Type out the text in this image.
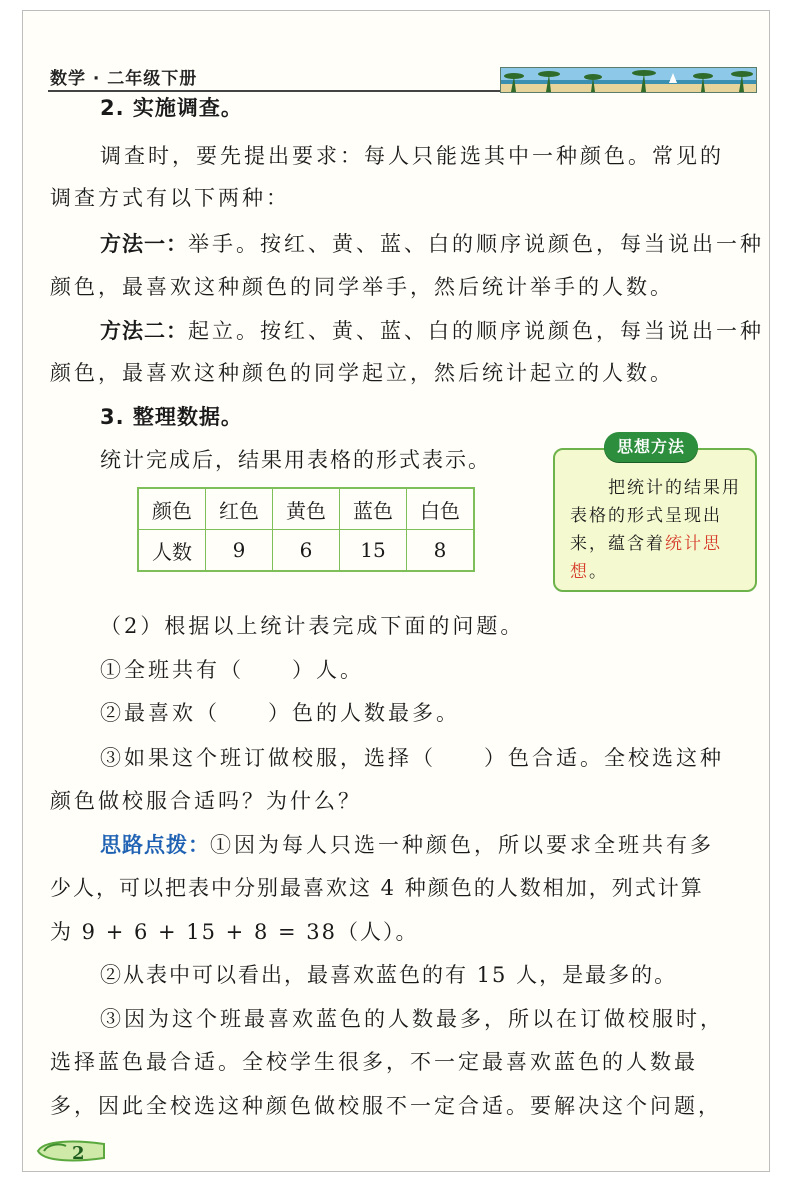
数学 · 二年级下册
2. 实施调查。
调查时，要先提出要求：每人只能选其中一种颜色。常见的
调查方式有以下两种：
方法一：举手。按红、黄、蓝、白的顺序说颜色，每当说出一种
颜色，最喜欢这种颜色的同学举手，然后统计举手的人数。
方法二：起立。按红、黄、蓝、白的顺序说颜色，每当说出一种
颜色，最喜欢这种颜色的同学起立，然后统计起立的人数。
3. 整理数据。
统计完成后，结果用表格的形式表示。
颜色	红色	黄色	蓝色	白色
人数	9	6	15	8
思想方法
　　把统计的结果用表格的形式呈现出来，蕴含着统计思想。
（2）根据以上统计表完成下面的问题。
①全班共有（　　）人。
②最喜欢（　　）色的人数最多。
③如果这个班订做校服，选择（　　）色合适。全校选这种
颜色做校服合适吗？为什么？
思路点拨：①因为每人只选一种颜色，所以要求全班共有多
少人，可以把表中分别最喜欢这 4 种颜色的人数相加，列式计算
为 9 + 6 + 15 + 8 = 38（人）。
②从表中可以看出，最喜欢蓝色的有 15 人，是最多的。
③因为这个班最喜欢蓝色的人数最多，所以在订做校服时，
选择蓝色最合适。全校学生很多，不一定最喜欢蓝色的人数最
多，因此全校选这种颜色做校服不一定合适。要解决这个问题，
2
